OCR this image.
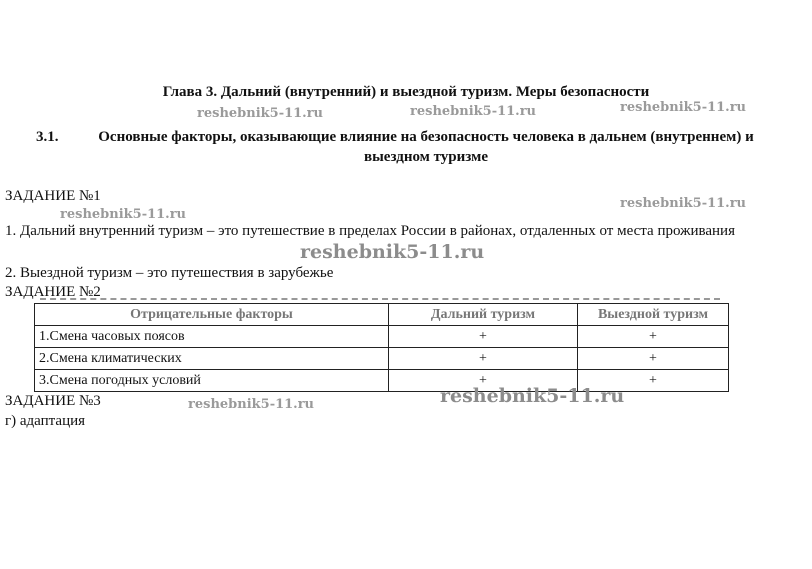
Глава 3. Дальний (внутренний) и выездной туризм. Меры безопасности
reshebnik5-11.ru	reshebnik5-11.ru	reshebnik5-11.ru
3.1.	Основные факторы, оказывающие влияние на безопасность человека в дальнем (внутреннем) и выездном туризме
ЗАДАНИЕ №1
reshebnik5-11.ru
reshebnik5-11.ru
1. Дальний внутренний туризм – это путешествие в пределах России в районах, отдаленных от места проживания
reshebnik5-11.ru
2. Выездной туризм – это путешествия в зарубежье
ЗАДАНИЕ №2
Отрицательные факторы	Дальний туризм	Выездной туризм
1.Смена часовых поясов	+	+
2.Смена климатических	+	+
3.Смена погодных условий	+	+
ЗАДАНИЕ №3	reshebnik5-11.ru	reshebnik5-11.ru
г) адаптация
